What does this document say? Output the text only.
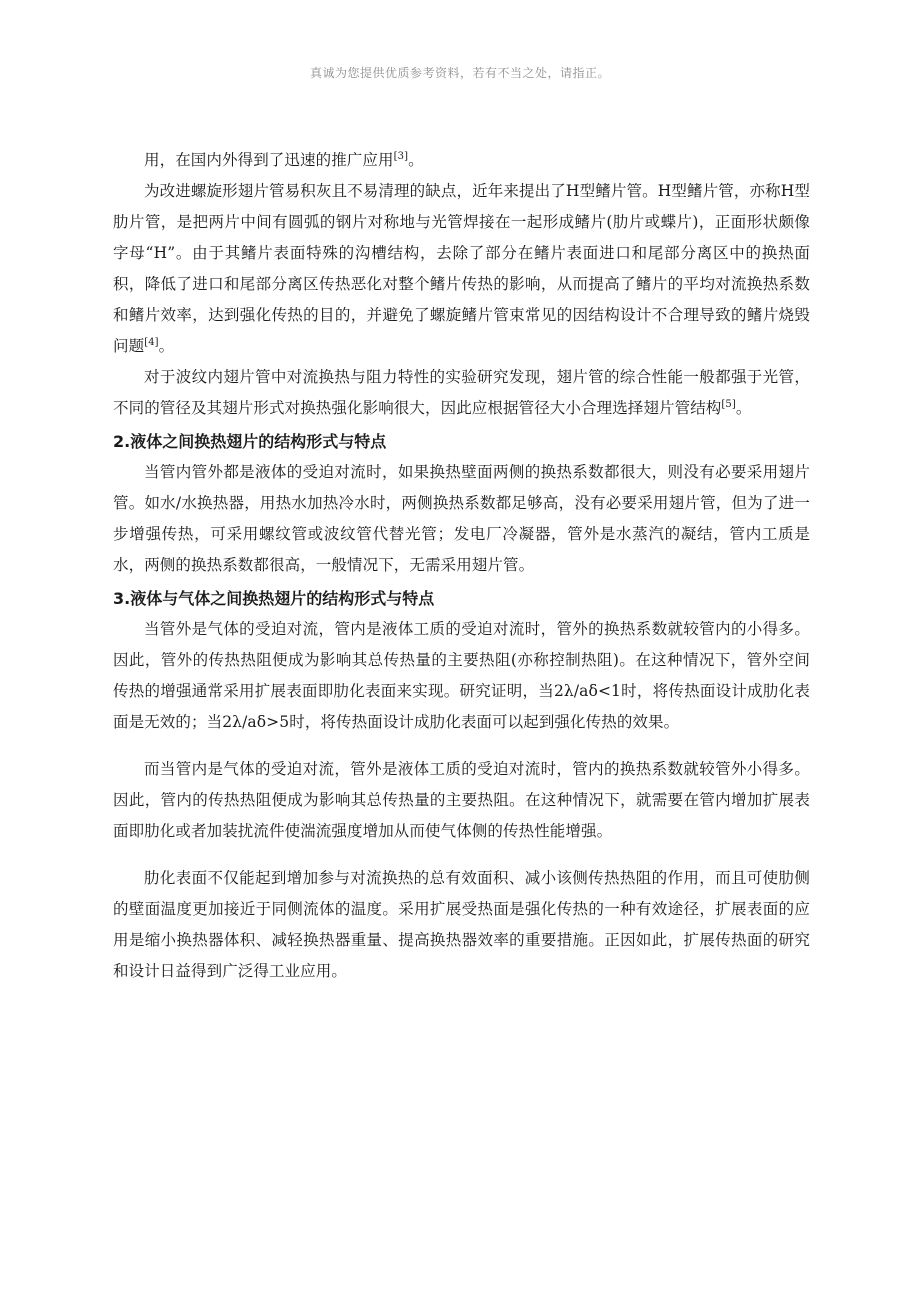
真诚为您提供优质参考资料，若有不当之处，请指正。

用，在国内外得到了迅速的推广应用[3]。

为改进螺旋形翅片管易积灰且不易清理的缺点，近年来提出了H型鳍片管。H型鳍片管，亦称H型肋片管，是把两片中间有圆弧的钢片对称地与光管焊接在一起形成鳍片(肋片或蝶片)，正面形状颇像字母“H”。由于其鳍片表面特殊的沟槽结构，去除了部分在鳍片表面进口和尾部分离区中的换热面积，降低了进口和尾部分离区传热恶化对整个鳍片传热的影响，从而提高了鳍片的平均对流换热系数和鳍片效率，达到强化传热的目的，并避免了螺旋鳍片管束常见的因结构设计不合理导致的鳍片烧毁问题[4]。

对于波纹内翅片管中对流换热与阻力特性的实验研究发现，翅片管的综合性能一般都强于光管，不同的管径及其翅片形式对换热强化影响很大，因此应根据管径大小合理选择翅片管结构[5]。

2.液体之间换热翅片的结构形式与特点

当管内管外都是液体的受迫对流时，如果换热壁面两侧的换热系数都很大，则没有必要采用翅片管。如水/水换热器，用热水加热冷水时，两侧换热系数都足够高，没有必要采用翅片管，但为了进一步增强传热，可采用螺纹管或波纹管代替光管；发电厂冷凝器，管外是水蒸汽的凝结，管内工质是水，两侧的换热系数都很高，一般情况下，无需采用翅片管。

3.液体与气体之间换热翅片的结构形式与特点

当管外是气体的受迫对流，管内是液体工质的受迫对流时，管外的换热系数就较管内的小得多。因此，管外的传热热阻便成为影响其总传热量的主要热阻(亦称控制热阻)。在这种情况下，管外空间传热的增强通常采用扩展表面即肋化表面来实现。研究证明，当2λ/aδ<1时，将传热面设计成肋化表面是无效的；当2λ/aδ>5时，将传热面设计成肋化表面可以起到强化传热的效果。

而当管内是气体的受迫对流，管外是液体工质的受迫对流时，管内的换热系数就较管外小得多。因此，管内的传热热阻便成为影响其总传热量的主要热阻。在这种情况下，就需要在管内增加扩展表面即肋化或者加装扰流件使湍流强度增加从而使气体侧的传热性能增强。

肋化表面不仅能起到增加参与对流换热的总有效面积、减小该侧传热热阻的作用，而且可使肋侧的壁面温度更加接近于同侧流体的温度。采用扩展受热面是强化传热的一种有效途径，扩展表面的应用是缩小换热器体积、减轻换热器重量、提高换热器效率的重要措施。正因如此，扩展传热面的研究和设计日益得到广泛得工业应用。
